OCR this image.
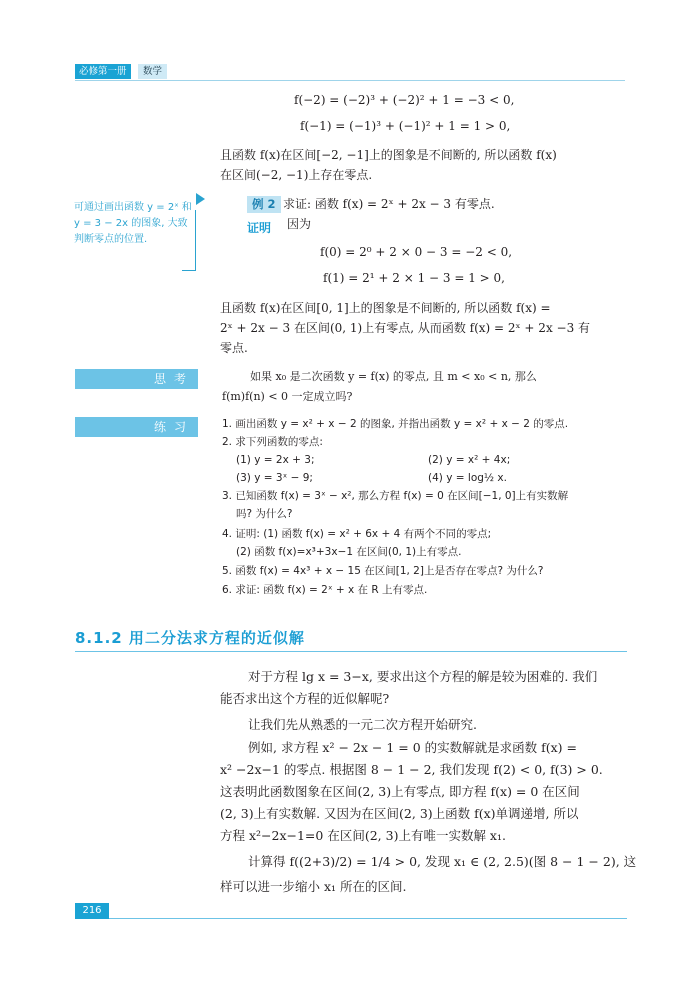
必修第一册	数学
f(−2) = (−2)³ + (−2)² + 1 = −3 < 0,
f(−1) = (−1)³ + (−1)² + 1 = 1 > 0,
且函数 f(x)在区间[−2, −1]上的图象是不间断的, 所以函数 f(x)
在区间(−2, −1)上存在零点.
可通过画出函数 y = 2ˣ 和 y = 3 − 2x 的图象, 大致判断零点的位置.
例 2 求证: 函数 f(x) = 2ˣ + 2x − 3 有零点.
证明 因为
f(0) = 2⁰ + 2 × 0 − 3 = −2 < 0,
f(1) = 2¹ + 2 × 1 − 3 = 1 > 0,
且函数 f(x)在区间[0, 1]上的图象是不间断的, 所以函数 f(x) =
2ˣ + 2x − 3 在区间(0, 1)上有零点, 从而函数 f(x) = 2ˣ + 2x −3 有
零点.
思考	如果 x₀ 是二次函数 y = f(x) 的零点, 且 m < x₀ < n, 那么
f(m)f(n) < 0 一定成立吗?
练习	1. 画出函数 y = x² + x − 2 的图象, 并指出函数 y = x² + x − 2 的零点.
2. 求下列函数的零点:
(1) y = 2x + 3;	(2) y = x² + 4x;
(3) y = 3ˣ − 9;	(4) y = log½ x.
3. 已知函数 f(x) = 3ˣ − x², 那么方程 f(x) = 0 在区间[−1, 0]上有实数解
吗? 为什么?
4. 证明: (1) 函数 f(x) = x² + 6x + 4 有两个不同的零点;
(2) 函数 f(x)=x³+3x−1 在区间(0, 1)上有零点.
5. 函数 f(x) = 4x³ + x − 15 在区间[1, 2]上是否存在零点? 为什么?
6. 求证: 函数 f(x) = 2ˣ + x 在 R 上有零点.
8.1.2 用二分法求方程的近似解
对于方程 lg x = 3−x, 要求出这个方程的解是较为困难的. 我们
能否求出这个方程的近似解呢?
让我们先从熟悉的一元二次方程开始研究.
例如, 求方程 x² − 2x − 1 = 0 的实数解就是求函数 f(x) =
x² −2x−1 的零点. 根据图 8 − 1 − 2, 我们发现 f(2) < 0, f(3) > 0.
这表明此函数图象在区间(2, 3)上有零点, 即方程 f(x) = 0 在区间
(2, 3)上有实数解. 又因为在区间(2, 3)上函数 f(x)单调递增, 所以
方程 x²−2x−1=0 在区间(2, 3)上有唯一实数解 x₁.
计算得 f((2+3)/2) = 1/4 > 0, 发现 x₁ ∈ (2, 2.5)(图 8 − 1 − 2), 这
样可以进一步缩小 x₁ 所在的区间.
216
